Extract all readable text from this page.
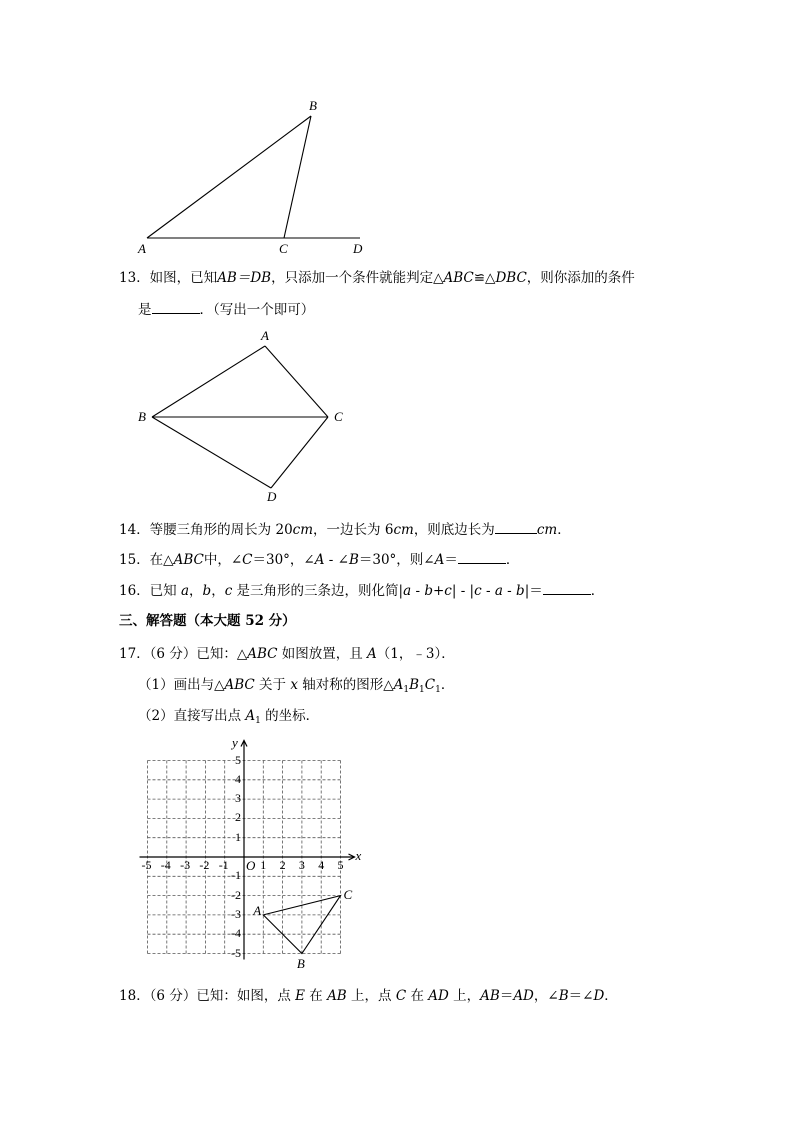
B
A	C	D
13．如图，已知AB＝DB，只添加一个条件就能判定△ABC≌△DBC，则你添加的条件
是	．（写出一个即可）
A
B	C
D
14．等腰三角形的周长为 20cm，一边长为 6cm，则底边长为	cm．
15．在△ABC中，∠C＝30°，∠A - ∠B＝30°，则∠A＝	．
16．已知 a，b，c 是三角形的三条边，则化简|a - b+c| - |c - a - b|＝	．
三、解答题（本大题 52 分）
17．（6 分）已知：△ABC 如图放置，且 A（1，﹣3）．
（1）画出与△ABC 关于 x 轴对称的图形$\triangle A_1B_1C_1$．
（2）直接写出点 $A_1$ 的坐标．
-5 -4 -3 -2 -1	1 2 3 4 5
5
4
3
2
1
-1
-2
-3
-4
-5
O
x
y
A
B
C
18．（6 分）已知：如图，点 E 在 AB 上，点 C 在 AD 上，AB＝AD，∠B＝∠D．
